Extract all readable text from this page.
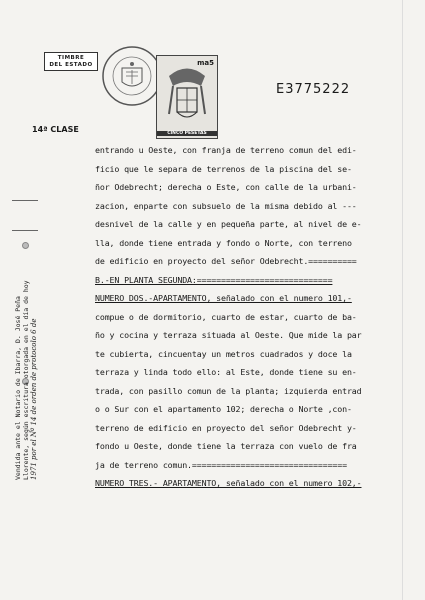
TIMBRE
DEL ESTADO
14ª CLASE
ma5
CINCO PESETAS
E3775222
Vendida ante el Notario de Ibarra, D. José Peña Llorente, según escritura otorgada en el día de hoy 1971 por el Nº 14 de orden de protocolo 6 de
entrando u Oeste, con franja de terreno comun del edi-
ficio que le separa de terrenos de la piscina del se-
ñor Odebrecht; derecha o Este, con calle de la urbani-
zacion, enparte con subsuelo de la misma debido al ---
desnivel de la calle y en pequeña parte, al nivel de e-
lla, donde tiene entrada y fondo o Norte, con terreno
de edificio en proyecto del señor Odebrecht.==========
B.-EN PLANTA SEGUNDA:============================
NUMERO DOS.-APARTAMENTO, señalado con el numero 101,-
compue o de dormitorio, cuarto de estar, cuarto de ba-
ño y cocina y terraza situada al Oeste. Que mide la par
te cubierta, cincuentay un metros cuadrados y doce la
terraza y linda todo ello: al Este, donde tiene su en-
trada, con pasillo comun de la planta; izquierda entrad
o o Sur con el apartamento 102; derecha o Norte ,con-
terreno de edificio en proyecto del señor Odebrecht y-
fondo u Oeste, donde tiene la terraza con vuelo de fra
ja de terreno comun.================================
NUMERO TRES.- APARTAMENTO, señalado con el numero 102,-
